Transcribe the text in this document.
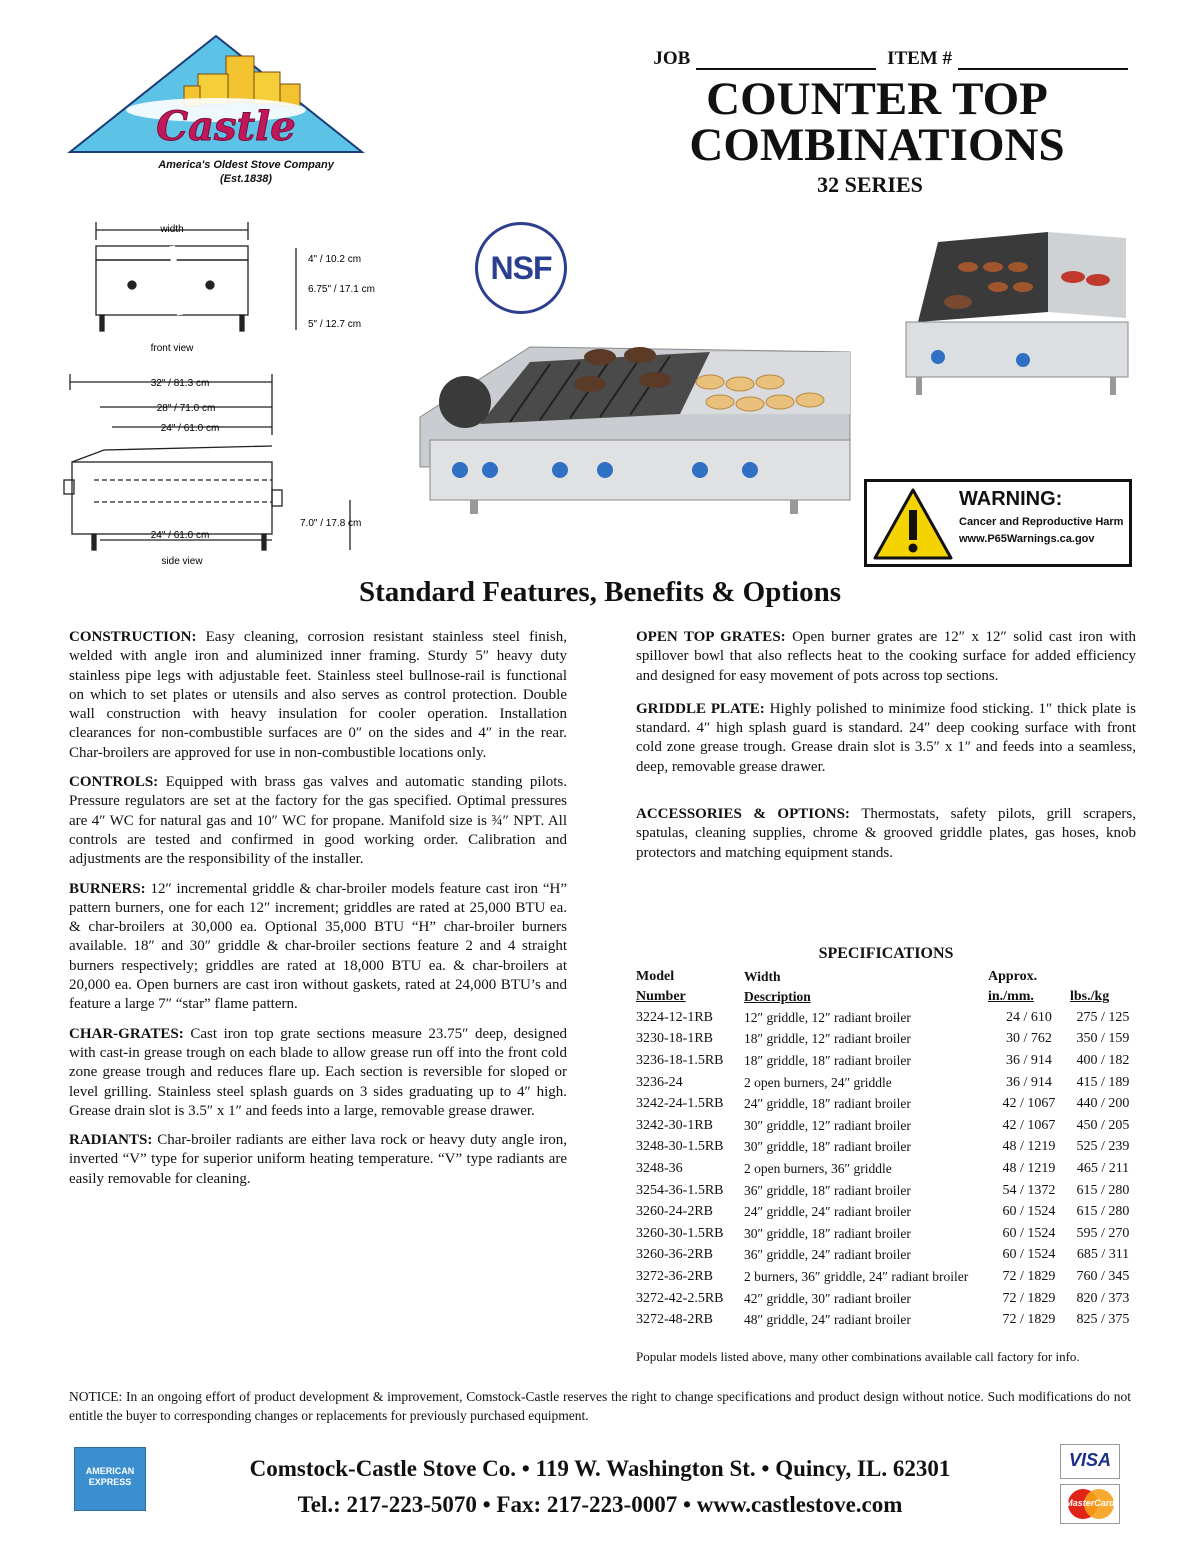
Castle
America's Oldest Stove Company
(Est.1838)
JOB	ITEM #
COUNTER TOP
COMBINATIONS
32 SERIES
width
4" / 10.2 cm
6.75" / 17.1 cm
5" / 12.7 cm
front view
32" / 81.3 cm
28" / 71.0 cm
24" / 61.0 cm
24" / 61.0 cm
7.0" / 17.8 cm
side view
NSF
WARNING:
Cancer and Reproductive Harm
www.P65Warnings.ca.gov
Standard Features, Benefits & Options

CONSTRUCTION: Easy cleaning, corrosion resistant stainless steel finish, welded with angle iron and aluminized inner framing. Sturdy 5″ heavy duty stainless pipe legs with adjustable feet. Stainless steel bullnose-rail is functional on which to set plates or utensils and also serves as control protection. Double wall construction with heavy insulation for cooler operation. Installation clearances for non-combustible surfaces are 0″ on the sides and 4″ in the rear. Char-broilers are approved for use in non-combustible locations only.

CONTROLS: Equipped with brass gas valves and automatic standing pilots. Pressure regulators are set at the factory for the gas specified. Optimal pressures are 4″ WC for natural gas and 10″ WC for propane. Manifold size is ¾″ NPT. All controls are tested and confirmed in good working order. Calibration and adjustments are the responsibility of the installer.

BURNERS: 12″ incremental griddle & char-broiler models feature cast iron “H” pattern burners, one for each 12″ increment; griddles are rated at 25,000 BTU ea. & char-broilers at 30,000 ea. Optional 35,000 BTU “H” char-broiler burners available. 18″ and 30″ griddle & char-broiler sections feature 2 and 4 straight burners respectively; griddles are rated at 18,000 BTU ea. & char-broilers at 20,000 ea. Open burners are cast iron without gaskets, rated at 24,000 BTU’s and feature a large 7″ “star” flame pattern.

CHAR-GRATES: Cast iron top grate sections measure 23.75″ deep, designed with cast-in grease trough on each blade to allow grease run off into the front cold zone grease trough and reduces flare up. Each section is reversible for sloped or level grilling. Stainless steel splash guards on 3 sides graduating up to 4″ high. Grease drain slot is 3.5″ x 1″ and feeds into a large, removable grease drawer.

RADIANTS: Char-broiler radiants are either lava rock or heavy duty angle iron, inverted “V” type for superior uniform heating temperature. “V” type radiants are easily removable for cleaning.

OPEN TOP GRATES: Open burner grates are 12″ x 12″ solid cast iron with spillover bowl that also reflects heat to the cooking surface for added efficiency and designed for easy movement of pots across top sections.

GRIDDLE PLATE: Highly polished to minimize food sticking. 1″ thick plate is standard. 4″ high splash guard is standard. 24″ deep cooking surface with front cold zone grease trough. Grease drain slot is 3.5″ x 1″ and feeds into a seamless, deep, removable grease drawer.

ACCESSORIES & OPTIONS: Thermostats, safety pilots, grill scrapers, spatulas, cleaning supplies, chrome & grooved griddle plates, gas hoses, knob protectors and matching equipment stands.

SPECIFICATIONS
Model	Width	Approx.	
Number	Description	in./mm.	lbs./kg
3224-12-1RB	12″ griddle, 12″ radiant broiler	24 / 610	275 / 125
3230-18-1RB	18″ griddle, 12″ radiant broiler	30 / 762	350 / 159
3236-18-1.5RB	18″ griddle, 18″ radiant broiler	36 / 914	400 / 182
3236-24	2 open burners, 24″ griddle	36 / 914	415 / 189
3242-24-1.5RB	24″ griddle, 18″ radiant broiler	42 / 1067	440 / 200
3242-30-1RB	30″ griddle, 12″ radiant broiler	42 / 1067	450 / 205
3248-30-1.5RB	30″ griddle, 18″ radiant broiler	48 / 1219	525 / 239
3248-36	2 open burners, 36″ griddle	48 / 1219	465 / 211
3254-36-1.5RB	36″ griddle, 18″ radiant broiler	54 / 1372	615 / 280
3260-24-2RB	24″ griddle, 24″ radiant broiler	60 / 1524	615 / 280
3260-30-1.5RB	30″ griddle, 18″ radiant broiler	60 / 1524	595 / 270
3260-36-2RB	36″ griddle, 24″ radiant broiler	60 / 1524	685 / 311
3272-36-2RB	2 burners, 36″ griddle, 24″ radiant broiler	72 / 1829	760 / 345
3272-42-2.5RB	42″ griddle, 30″ radiant broiler	72 / 1829	820 / 373
3272-48-2RB	48″ griddle, 24″ radiant broiler	72 / 1829	825 / 375
Popular models listed above, many other combinations available call factory for info.
NOTICE: In an ongoing effort of product development & improvement, Comstock-Castle reserves the right to change specifications and product design without notice. Such modifications do not entitle the buyer to corresponding changes or replacements for previously purchased equipment.
AMERICAN EXPRESS
Comstock-Castle Stove Co. • 119 W. Washington St. • Quincy, IL. 62301
Tel.: 217-223-5070 • Fax: 217-223-0007 • www.castlestove.com
VISA
MasterCard
